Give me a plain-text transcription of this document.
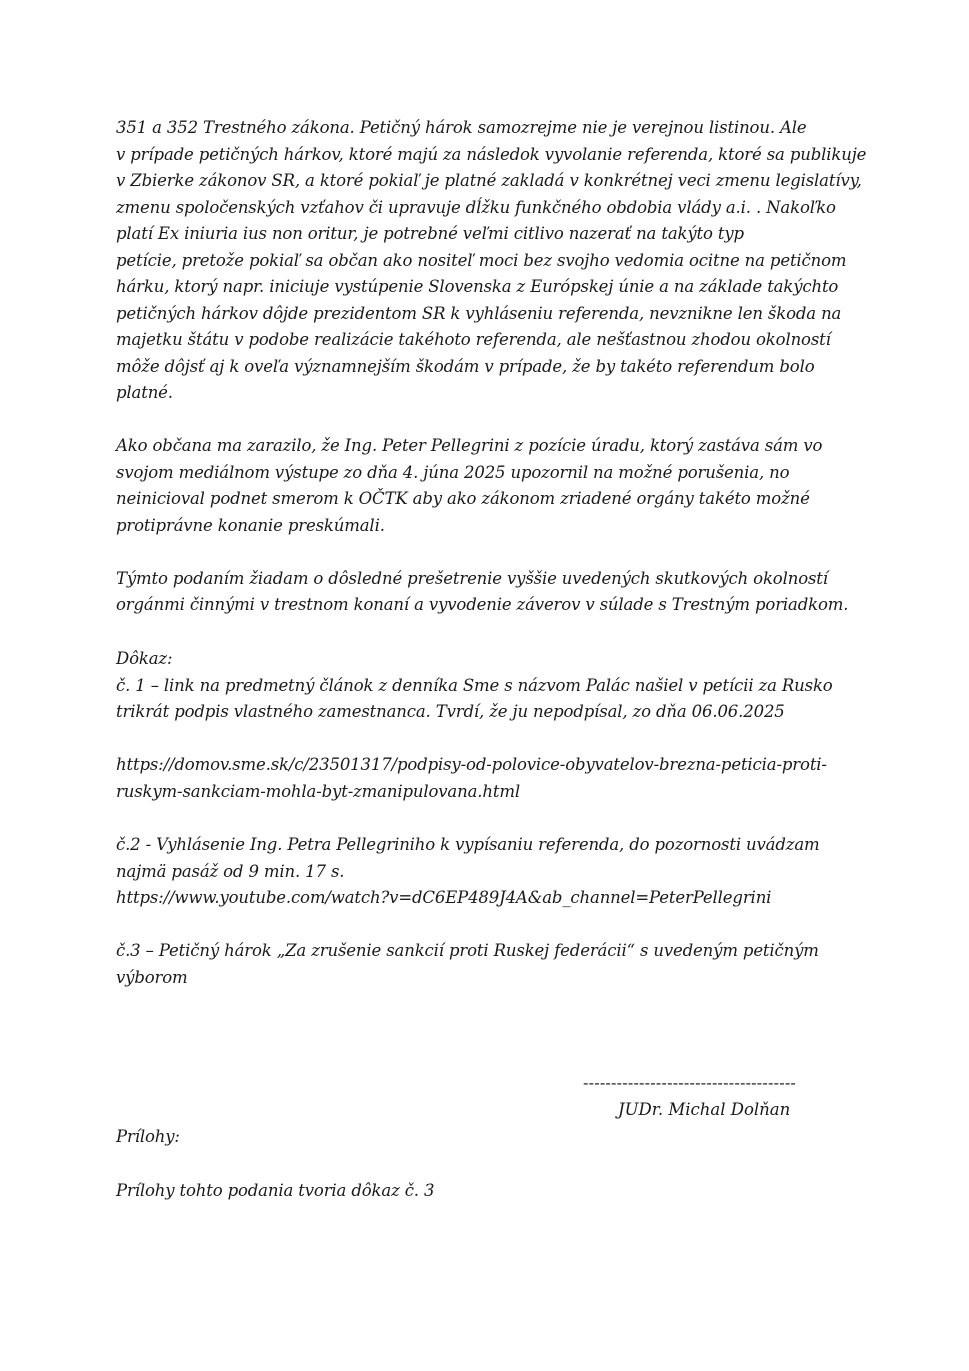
351 a 352 Trestného zákona. Petičný hárok samozrejme nie je verejnou listinou. Ale
v prípade petičných hárkov, ktoré majú za následok vyvolanie referenda, ktoré sa publikuje
v Zbierke zákonov SR, a ktoré pokiaľ je platné zakladá v konkrétnej veci zmenu legislatívy,
zmenu spoločenských vzťahov či upravuje dĺžku funkčného obdobia vlády a.i. . Nakoľko
platí Ex iniuria ius non oritur, je potrebné veľmi citlivo nazerať na takýto typ
petície, pretože pokiaľ sa občan ako nositeľ moci bez svojho vedomia ocitne na petičnom
hárku, ktorý napr. iniciuje vystúpenie Slovenska z Európskej únie a na základe takýchto
petičných hárkov dôjde prezidentom SR k vyhláseniu referenda, nevznikne len škoda na
majetku štátu v podobe realizácie takéhoto referenda, ale nešťastnou zhodou okolností
môže dôjsť aj k oveľa významnejším škodám v prípade, že by takéto referendum bolo
platné.
Ako občana ma zarazilo, že Ing. Peter Pellegrini z pozície úradu, ktorý zastáva sám vo
svojom mediálnom výstupe zo dňa 4. júna 2025 upozornil na možné porušenia, no
neinicioval podnet smerom k OČTK aby ako zákonom zriadené orgány takéto možné
protiprávne konanie preskúmali.
Týmto podaním žiadam o dôsledné prešetrenie vyššie uvedených skutkových okolností
orgánmi činnými v trestnom konaní a vyvodenie záverov v súlade s Trestným poriadkom.
Dôkaz:
č. 1 – link na predmetný článok z denníka Sme s názvom Palác našiel v petícii za Rusko
trikrát podpis vlastného zamestnanca. Tvrdí, že ju nepodpísal, zo dňa 06.06.2025
https://domov.sme.sk/c/23501317/podpisy-od-polovice-obyvatelov-brezna-peticia-proti-
ruskym-sankciam-mohla-byt-zmanipulovana.html
č.2 - Vyhlásenie Ing. Petra Pellegriniho k vypísaniu referenda, do pozornosti uvádzam
najmä pasáž od 9 min. 17 s.
https://www.youtube.com/watch?v=dC6EP489J4A&ab_channel=PeterPellegrini
č.3 – Petičný hárok „Za zrušenie sankcií proti Ruskej federácii“ s uvedeným petičným
výborom
--------------------------------------
JUDr. Michal Dolňan
Prílohy:
Prílohy tohto podania tvoria dôkaz č. 3
